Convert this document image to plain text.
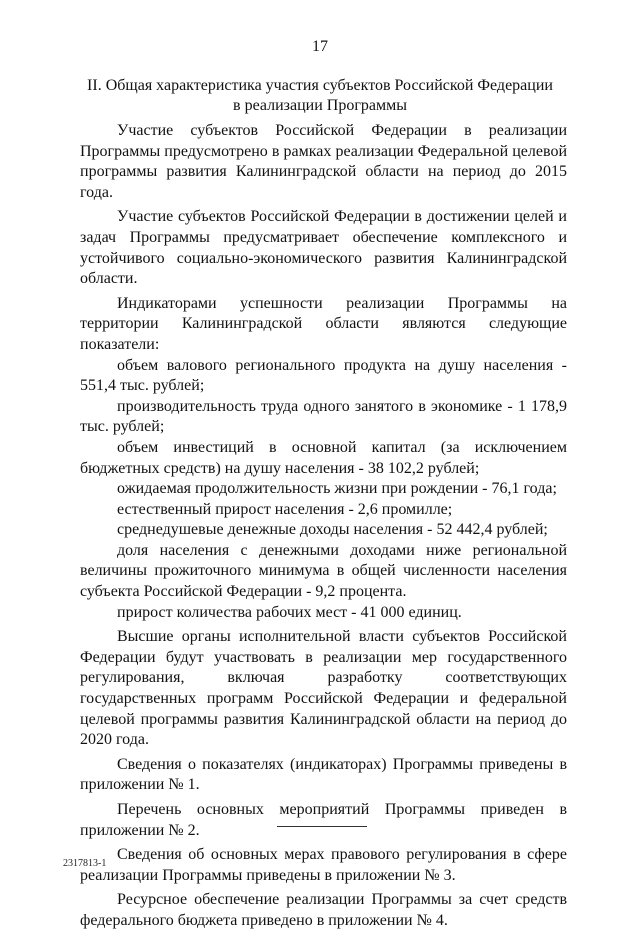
17
II. Общая характеристика участия субъектов Российской Федерации
в реализации Программы

Участие субъектов Российской Федерации в реализации Программы предусмотрено в рамках реализации Федеральной целевой программы развития Калининградской области на период до 2015 года.

Участие субъектов Российской Федерации в достижении целей и задач Программы предусматривает обеспечение комплексного и устойчивого социально-экономического развития Калининградской области.

Индикаторами успешности реализации Программы на территории Калининградской области являются следующие показатели:

объем валового регионального продукта на душу населения - 551,4 тыс. рублей;

производительность труда одного занятого в экономике - 1 178,9 тыс. рублей;

объем инвестиций в основной капитал (за исключением бюджетных средств) на душу населения - 38 102,2 рублей;

ожидаемая продолжительность жизни при рождении - 76,1 года;

естественный прирост населения - 2,6 промилле;

среднедушевые денежные доходы населения - 52 442,4 рублей;

доля населения с денежными доходами ниже региональной величины прожиточного минимума в общей численности населения субъекта Российской Федерации - 9,2 процента.

прирост количества рабочих мест - 41 000 единиц.

Высшие органы исполнительной власти субъектов Российской Федерации будут участвовать в реализации мер государственного регулирования, включая разработку соответствующих государственных программ Российской Федерации и федеральной целевой программы развития Калининградской области на период до 2020 года.

Сведения о показателях (индикаторах) Программы приведены в приложении № 1.

Перечень основных мероприятий Программы приведен в приложении № 2.

Сведения об основных мерах правового регулирования в сфере реализации Программы приведены в приложении № 3.

Ресурсное обеспечение реализации Программы за счет средств федерального бюджета приведено в приложении № 4.

2317813-1
